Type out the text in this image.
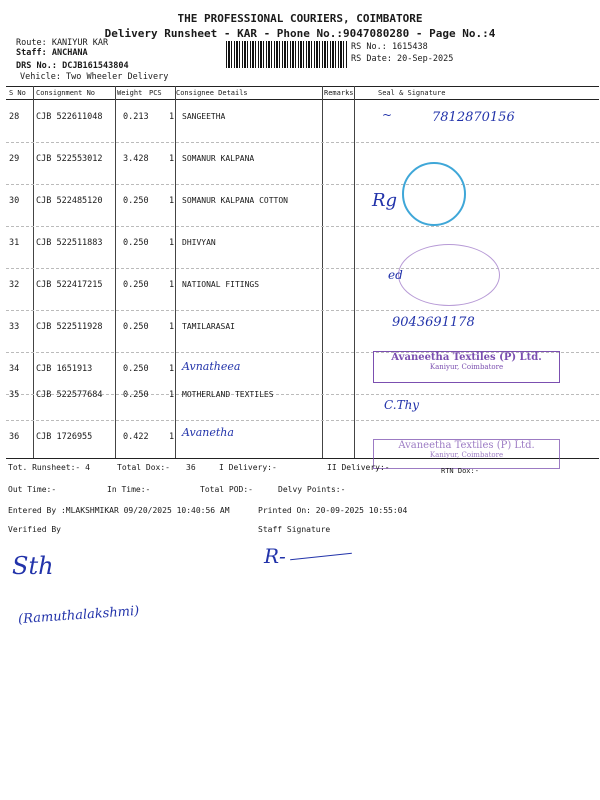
THE PROFESSIONAL COURIERS, COIMBATORE
Delivery Runsheet - KAR - Phone No.:9047080280 - Page No.:4
Route: KANIYUR KAR
Staff: ANCHANA
DRS No.: DCJB161543804
Vehicle: Two Wheeler Delivery
RS No.: 1615438
RS Date: 20-Sep-2025
S No Consignment No	Weight PCS Consignee Details	Remarks	Seal & Signature
28 CJB 522611048 0.213 1 SANGEETHA
29 CJB 522553012 3.428 1 SOMANUR KALPANA
30 CJB 522485120 0.250 1 SOMANUR KALPANA COTTON
31 CJB 522511883 0.250 1 DHIVYAN
32 CJB 522417215 0.250 1 NATIONAL FITINGS
33 CJB 522511928 0.250 1 TAMILARASAI
34 CJB 1651913	0.250 1 Avnatheea
35 CJB 522577684 0.250 1 MOTHERLAND TEXTILES
36 CJB 1726955	0.422 1 Avanetha
~	7812870156
Rg
ed
9043691178
Avaneetha Textiles (P) Ltd.
Kaniyur, Coimbatore
C.Thy
Avaneetha Textiles (P) Ltd.
Kaniyur, Coimbatore
Tot. Runsheet:- 4	Total Dox:- 36	I Delivery:-	II Delivery:-	RTN Dox:-
Out Time:-	In Time:-	Total POD:-	Delvy Points:-
Entered By :MLAKSHMIKAR 09/20/2025 10:40:56 AM	Printed On: 20-09-2025 10:55:04
Verified By	Staff Signature
Sth
(Ramuthalakshmi)
R-
